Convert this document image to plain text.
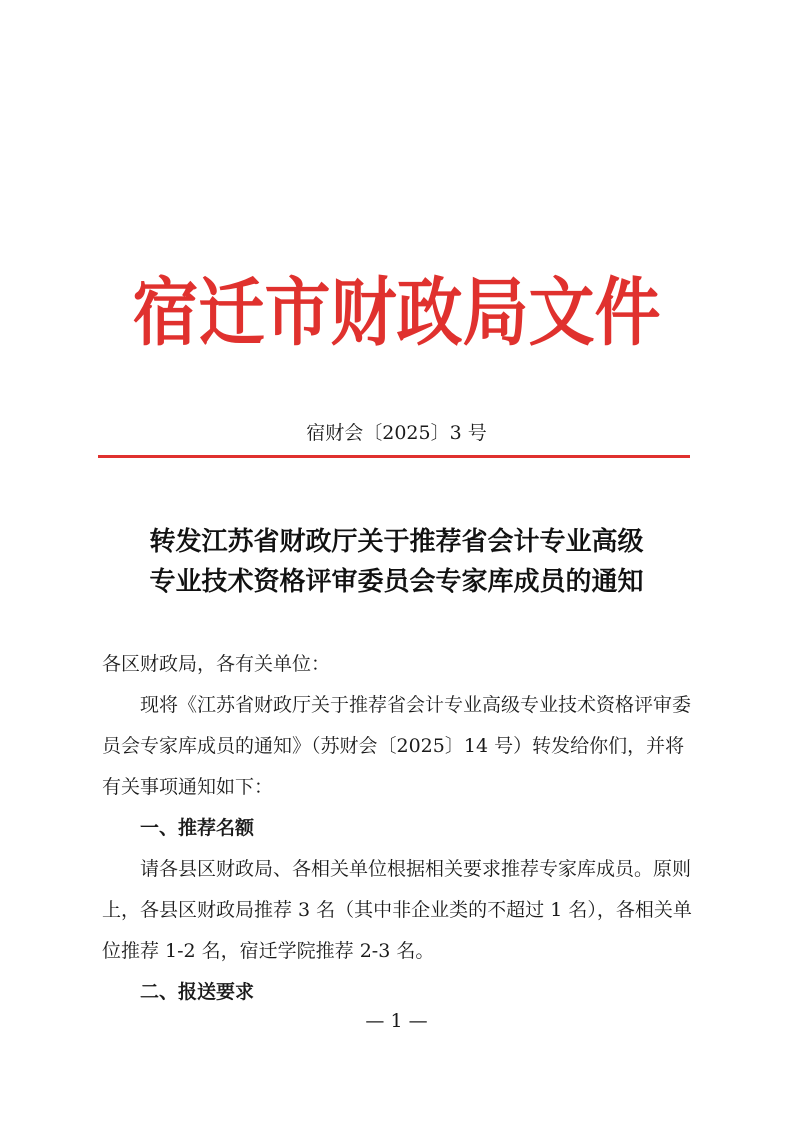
宿迁市财政局文件
宿财会〔2025〕3 号
转发江苏省财政厅关于推荐省会计专业高级
专业技术资格评审委员会专家库成员的通知

各区财政局，各有关单位：

现将《江苏省财政厅关于推荐省会计专业高级专业技术资格评审委员会专家库成员的通知》（苏财会〔2025〕14 号）转发给你们，并将有关事项通知如下：

一、推荐名额

请各县区财政局、各相关单位根据相关要求推荐专家库成员。原则上，各县区财政局推荐 3 名（其中非企业类的不超过 1 名），各相关单位推荐 1-2 名，宿迁学院推荐 2-3 名。

二、报送要求

— 1 —
